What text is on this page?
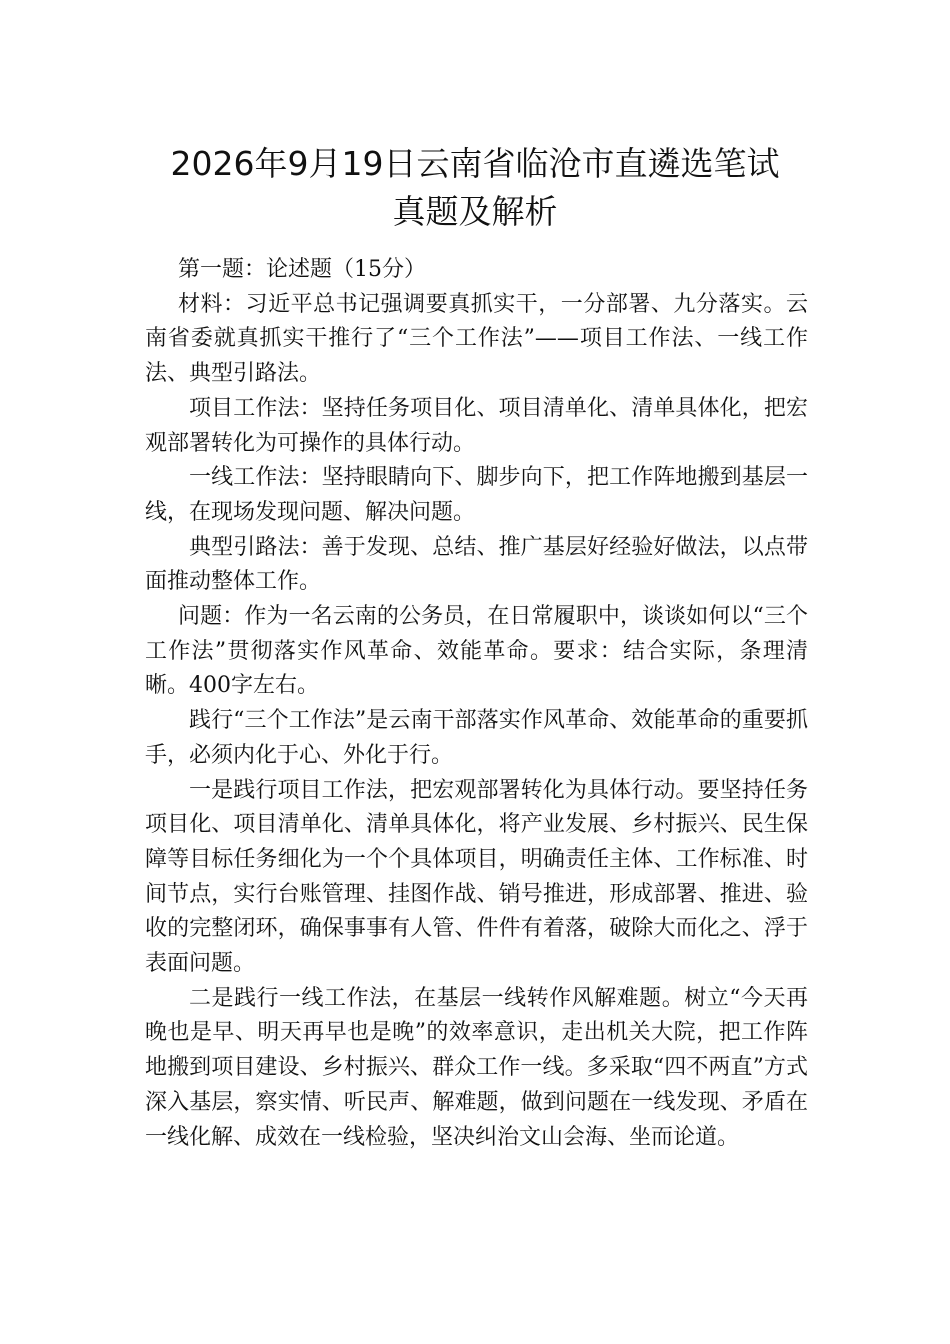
2026年9月19日云南省临沧市直遴选笔试
真题及解析

第一题：论述题（15分）

材料：习近平总书记强调要真抓实干，一分部署、九分落实。云南省委就真抓实干推行了“三个工作法”——项目工作法、一线工作法、典型引路法。

项目工作法：坚持任务项目化、项目清单化、清单具体化，把宏观部署转化为可操作的具体行动。

一线工作法：坚持眼睛向下、脚步向下，把工作阵地搬到基层一线，在现场发现问题、解决问题。

典型引路法：善于发现、总结、推广基层好经验好做法，以点带面推动整体工作。

问题：作为一名云南的公务员，在日常履职中，谈谈如何以“三个工作法”贯彻落实作风革命、效能革命。要求：结合实际，条理清晰。400字左右。

践行“三个工作法”是云南干部落实作风革命、效能革命的重要抓手，必须内化于心、外化于行。

一是践行项目工作法，把宏观部署转化为具体行动。要坚持任务项目化、项目清单化、清单具体化，将产业发展、乡村振兴、民生保障等目标任务细化为一个个具体项目，明确责任主体、工作标准、时间节点，实行台账管理、挂图作战、销号推进，形成部署、推进、验收的完整闭环，确保事事有人管、件件有着落，破除大而化之、浮于表面问题。

二是践行一线工作法，在基层一线转作风解难题。树立“今天再晚也是早、明天再早也是晚”的效率意识，走出机关大院，把工作阵地搬到项目建设、乡村振兴、群众工作一线。多采取“四不两直”方式深入基层，察实情、听民声、解难题，做到问题在一线发现、矛盾在一线化解、成效在一线检验，坚决纠治文山会海、坐而论道。
